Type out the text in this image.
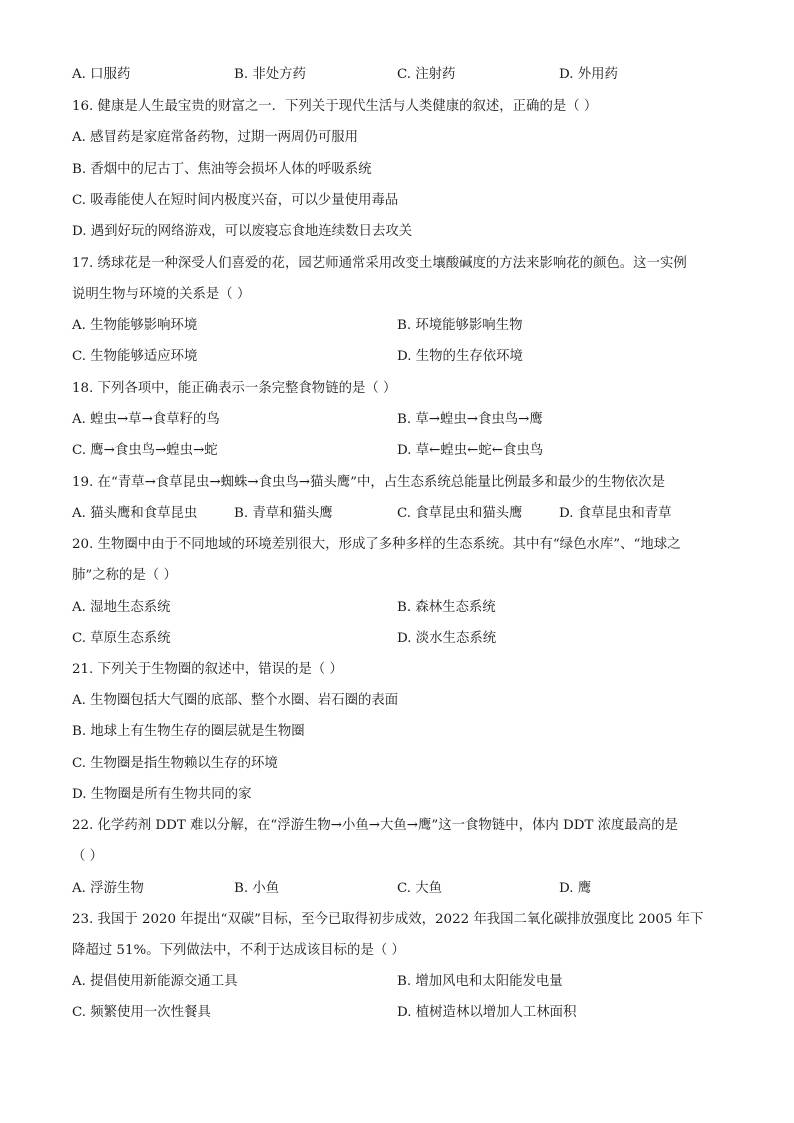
A. 口服药	B. 非处方药	C. 注射药	D. 外用药
16. 健康是人生最宝贵的财富之一．下列关于现代生活与人类健康的叙述，正确的是（ ）
A. 感冒药是家庭常备药物，过期一两周仍可服用
B. 香烟中的尼古丁、焦油等会损坏人体的呼吸系统
C. 吸毒能使人在短时间内极度兴奋，可以少量使用毒品
D. 遇到好玩的网络游戏，可以废寝忘食地连续数日去攻关
17. 绣球花是一种深受人们喜爱的花，园艺师通常采用改变土壤酸碱度的方法来影响花的颜色。这一实例
说明生物与环境的关系是（ ）
A. 生物能够影响环境	B. 环境能够影响生物
C. 生物能够适应环境	D. 生物的生存依环境
18. 下列各项中，能正确表示一条完整食物链的是（ ）
A. 蝗虫→草→食草籽的鸟	B. 草→蝗虫→食虫鸟→鹰
C. 鹰→食虫鸟→蝗虫→蛇	D. 草←蝗虫←蛇←食虫鸟
19. 在“青草→食草昆虫→蜘蛛→食虫鸟→猫头鹰”中，占生态系统总能量比例最多和最少的生物依次是
A. 猫头鹰和食草昆虫	B. 青草和猫头鹰	C. 食草昆虫和猫头鹰	D. 食草昆虫和青草
20. 生物圈中由于不同地域的环境差别很大，形成了多种多样的生态系统。其中有“绿色水库”、“地球之
肺”之称的是（ ）
A. 湿地生态系统	B. 森林生态系统
C. 草原生态系统	D. 淡水生态系统
21. 下列关于生物圈的叙述中，错误的是（ ）
A. 生物圈包括大气圈的底部、整个水圈、岩石圈的表面
B. 地球上有生物生存的圈层就是生物圈
C. 生物圈是指生物赖以生存的环境
D. 生物圈是所有生物共同的家
22. 化学药剂 DDT 难以分解，在“浮游生物→小鱼→大鱼→鹰”这一食物链中，体内 DDT 浓度最高的是
（ ）
A. 浮游生物	B. 小鱼	C. 大鱼	D. 鹰
23. 我国于 2020 年提出“双碳”目标，至今已取得初步成效，2022 年我国二氧化碳排放强度比 2005 年下
降超过 51%。下列做法中，不利于达成该目标的是（ ）
A. 提倡使用新能源交通工具	B. 增加风电和太阳能发电量
C. 频繁使用一次性餐具	D. 植树造林以增加人工林面积
